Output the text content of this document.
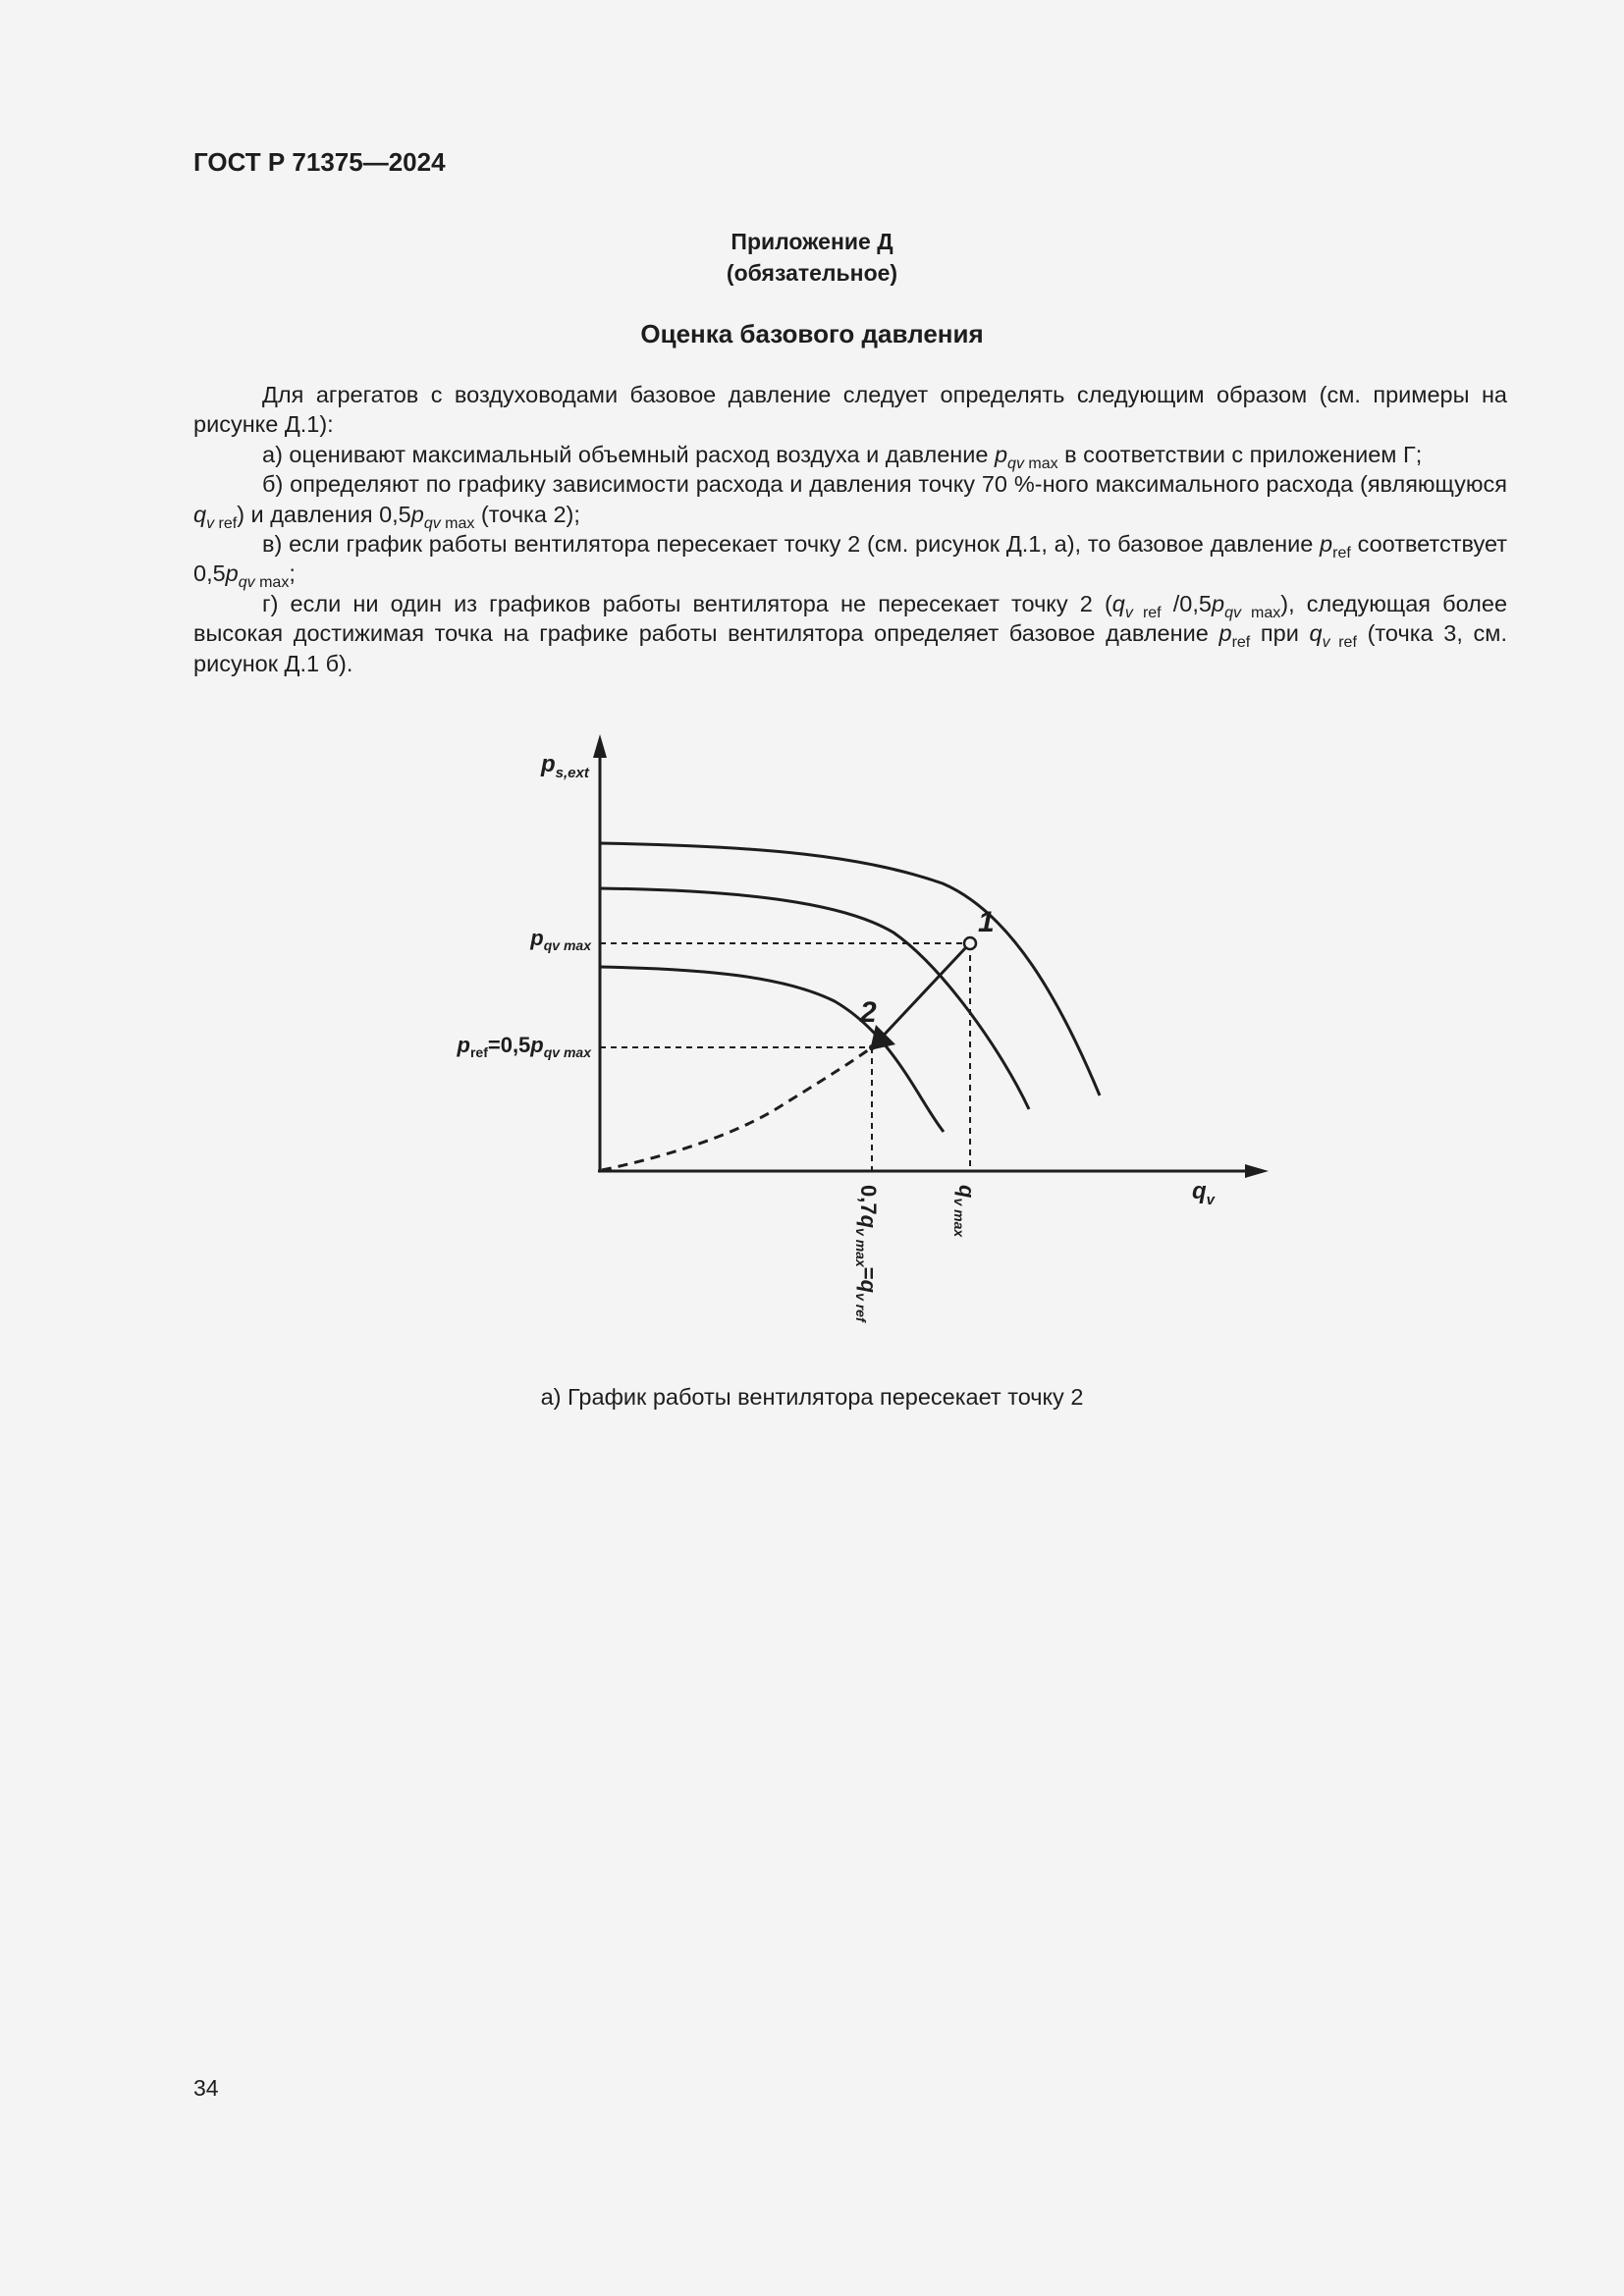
ГОСТ Р 71375—2024
Приложение Д
(обязательное)
Оценка базового давления

Для агрегатов с воздуховодами базовое давление следует определять следующим образом (см. примеры на рисунке Д.1):

а) оценивают максимальный объемный расход воздуха и давление $p_{qv max}$ в соответствии с приложением Г;

б) определяют по графику зависимости расхода и давления точку 70 %-ного максимального расхода (являющуюся $q_{v ref}$) и давления $0,5p_{qv max}$ (точка 2);

в) если график работы вентилятора пересекает точку 2 (см. рисунок Д.1, а), то базовое давление $p_{ref}$ соответствует $0,5p_{qv max}$;

г) если ни один из графиков работы вентилятора не пересекает точку 2 ($q_{v ref}$ $/0,5p_{qv max}$), следующая более высокая достижимая точка на графике работы вентилятора определяет базовое давление $p_{ref}$ при $q_{v ref}$ (точка 3, см. рисунок Д.1 б).

1
2
$p_{s,ext}$
$q_v$
$p_{qv max}$
$p_{ref}=0,5p_{qv max}$
$0,7q_{v max}=q_{v ref}$
$q_{v max}$
а) График работы вентилятора пересекает точку 2
34
